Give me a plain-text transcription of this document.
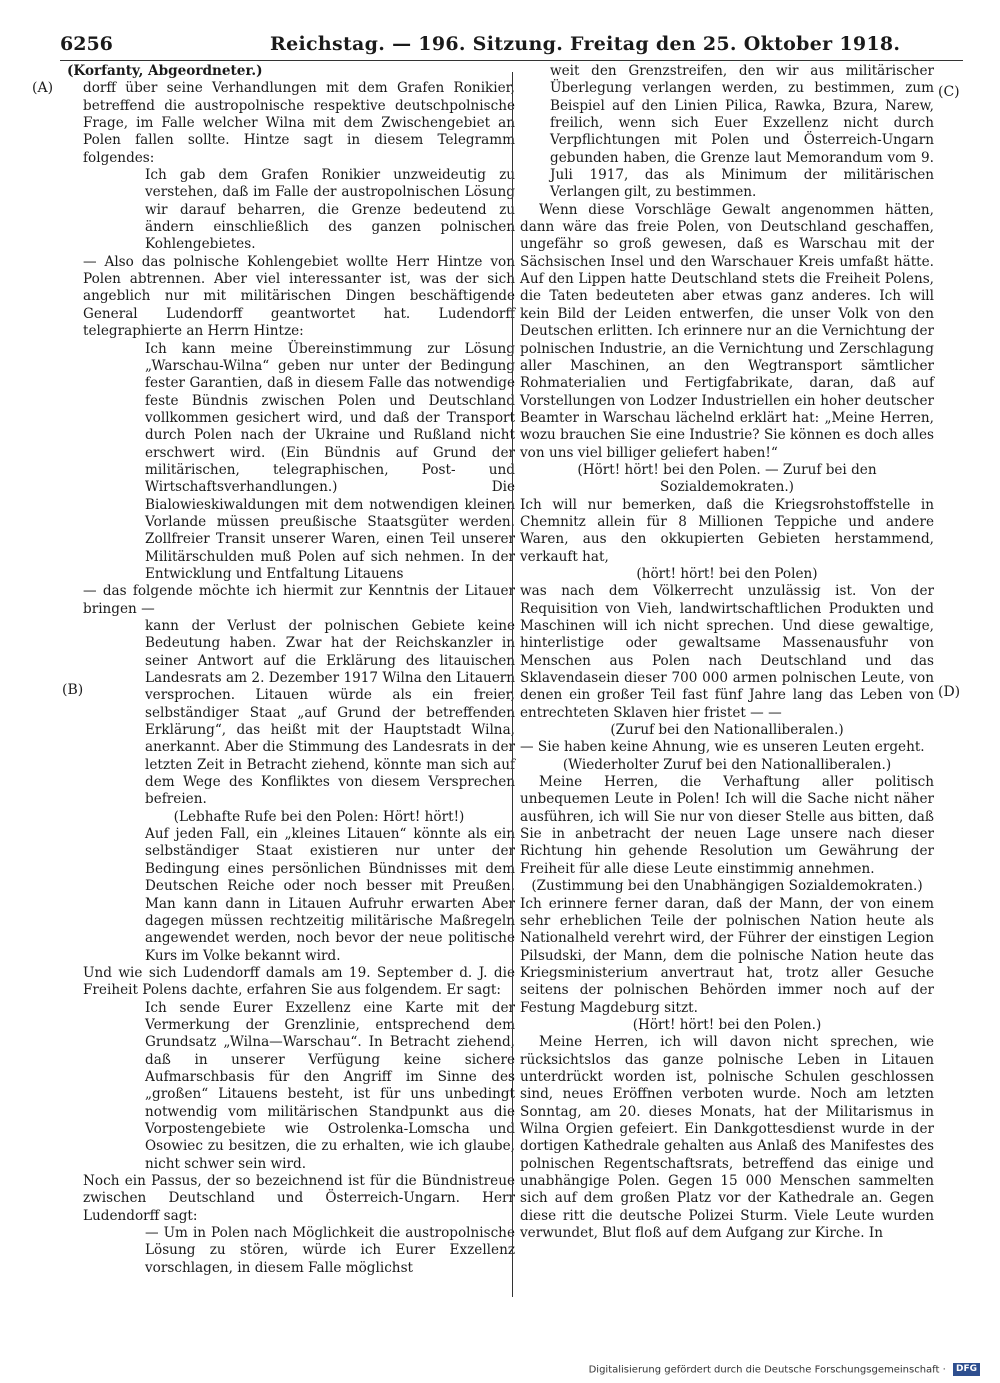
6256	Reichstag. — 196. Sitzung. Freitag den 25. Oktober 1918.
(A)
(B)
(C)
(D)

(Korfanty, Abgeordneter.)

dorff über seine Verhandlungen mit dem Grafen Ronikier, betreffend die austropolnische respektive deutschpolnische Frage, im Falle welcher Wilna mit dem Zwischengebiet an Polen fallen sollte. Hintze sagt in diesem Telegramm folgendes:

Ich gab dem Grafen Ronikier unzweideutig zu verstehen, daß im Falle der austropolnischen Lösung wir darauf beharren, die Grenze bedeutend zu ändern einschließlich des ganzen polnischen Kohlengebietes.

— Also das polnische Kohlengebiet wollte Herr Hintze von Polen abtrennen. Aber viel interessanter ist, was der sich angeblich nur mit militärischen Dingen beschäftigende General Ludendorff geantwortet hat. Ludendorff telegraphierte an Herrn Hintze:

Ich kann meine Übereinstimmung zur Lösung „Warschau-Wilna“ geben nur unter der Bedingung fester Garantien, daß in diesem Falle das notwendige feste Bündnis zwischen Polen und Deutschland vollkommen gesichert wird, und daß der Transport durch Polen nach der Ukraine und Rußland nicht erschwert wird. (Ein Bündnis auf Grund der militärischen, telegraphischen, Post- und Wirtschaftsverhandlungen.) Die Bialowieskiwaldungen mit dem notwendigen kleinen Vorlande müssen preußische Staatsgüter werden. Zollfreier Transit unserer Waren, einen Teil unserer Militärschulden muß Polen auf sich nehmen. In der Entwicklung und Entfaltung Litauens

— das folgende möchte ich hiermit zur Kenntnis der Litauer bringen —

kann der Verlust der polnischen Gebiete keine Bedeutung haben. Zwar hat der Reichskanzler in seiner Antwort auf die Erklärung des litauischen Landesrats am 2. Dezember 1917 Wilna den Litauern versprochen. Litauen würde als ein freier, selbständiger Staat „auf Grund der betreffenden Erklärung“, das heißt mit der Hauptstadt Wilna, anerkannt. Aber die Stimmung des Landesrats in der letzten Zeit in Betracht ziehend, könnte man sich auf dem Wege des Konfliktes von diesem Versprechen befreien.

(Lebhafte Rufe bei den Polen: Hört! hört!)

Auf jeden Fall, ein „kleines Litauen“ könnte als ein selbständiger Staat existieren nur unter der Bedingung eines persönlichen Bündnisses mit dem Deutschen Reiche oder noch besser mit Preußen. Man kann dann in Litauen Aufruhr erwarten Aber dagegen müssen rechtzeitig militärische Maßregeln angewendet werden, noch bevor der neue politische Kurs im Volke bekannt wird.

Und wie sich Ludendorff damals am 19. September d. J. die Freiheit Polens dachte, erfahren Sie aus folgendem. Er sagt:

Ich sende Eurer Exzellenz eine Karte mit der Vermerkung der Grenzlinie, entsprechend dem Grundsatz „Wilna—Warschau“. In Betracht ziehend, daß in unserer Verfügung keine sichere Aufmarschbasis für den Angriff im Sinne des „großen“ Litauens besteht, ist für uns unbedingt notwendig vom militärischen Standpunkt aus die Vorpostengebiete wie Ostrolenka-Lomscha und Osowiec zu besitzen, die zu erhalten, wie ich glaube, nicht schwer sein wird.

Noch ein Passus, der so bezeichnend ist für die Bündnistreue zwischen Deutschland und Österreich-Ungarn. Herr Ludendorff sagt:

— Um in Polen nach Möglichkeit die austropolnische Lösung zu stören, würde ich Eurer Exzellenz vorschlagen, in diesem Falle möglichst

weit den Grenzstreifen, den wir aus militärischer Überlegung verlangen werden, zu bestimmen, zum Beispiel auf den Linien Pilica, Rawka, Bzura, Narew, freilich, wenn sich Euer Exzellenz nicht durch Verpflichtungen mit Polen und Österreich-Ungarn gebunden haben, die Grenze laut Memorandum vom 9. Juli 1917, das als Minimum der militärischen Verlangen gilt, zu bestimmen.

Wenn diese Vorschläge Gewalt angenommen hätten, dann wäre das freie Polen, von Deutschland geschaffen, ungefähr so groß gewesen, daß es Warschau mit der Sächsischen Insel und den Warschauer Kreis umfaßt hätte. Auf den Lippen hatte Deutschland stets die Freiheit Polens, die Taten bedeuteten aber etwas ganz anderes. Ich will kein Bild der Leiden entwerfen, die unser Volk von den Deutschen erlitten. Ich erinnere nur an die Vernichtung der polnischen Industrie, an die Vernichtung und Zerschlagung aller Maschinen, an den Wegtransport sämtlicher Rohmaterialien und Fertigfabrikate, daran, daß auf Vorstellungen von Lodzer Industriellen ein hoher deutscher Beamter in Warschau lächelnd erklärt hat: „Meine Herren, wozu brauchen Sie eine Industrie? Sie können es doch alles von uns viel billiger geliefert haben!“

(Hört! hört! bei den Polen. — Zuruf bei den Sozialdemokraten.)

Ich will nur bemerken, daß die Kriegsrohstoffstelle in Chemnitz allein für 8 Millionen Teppiche und andere Waren, aus den okkupierten Gebieten herstammend, verkauft hat,

(hört! hört! bei den Polen)

was nach dem Völkerrecht unzulässig ist. Von der Requisition von Vieh, landwirtschaftlichen Produkten und Maschinen will ich nicht sprechen. Und diese gewaltige, hinterlistige oder gewaltsame Massenausfuhr von Menschen aus Polen nach Deutschland und das Sklavendasein dieser 700 000 armen polnischen Leute, von denen ein großer Teil fast fünf Jahre lang das Leben von entrechteten Sklaven hier fristet — —

(Zuruf bei den Nationalliberalen.)

— Sie haben keine Ahnung, wie es unseren Leuten ergeht.

(Wiederholter Zuruf bei den Nationalliberalen.)

Meine Herren, die Verhaftung aller politisch unbequemen Leute in Polen! Ich will die Sache nicht näher ausführen, ich will Sie nur von dieser Stelle aus bitten, daß Sie in anbetracht der neuen Lage unsere nach dieser Richtung hin gehende Resolution um Gewährung der Freiheit für alle diese Leute einstimmig annehmen.

(Zustimmung bei den Unabhängigen Sozialdemokraten.)

Ich erinnere ferner daran, daß der Mann, der von einem sehr erheblichen Teile der polnischen Nation heute als Nationalheld verehrt wird, der Führer der einstigen Legion Pilsudski, der Mann, dem die polnische Nation heute das Kriegsministerium anvertraut hat, trotz aller Gesuche seitens der polnischen Behörden immer noch auf der Festung Magdeburg sitzt.

(Hört! hört! bei den Polen.)

Meine Herren, ich will davon nicht sprechen, wie rücksichtslos das ganze polnische Leben in Litauen unterdrückt worden ist, polnische Schulen geschlossen sind, neues Eröffnen verboten wurde. Noch am letzten Sonntag, am 20. dieses Monats, hat der Militarismus in Wilna Orgien gefeiert. Ein Dankgottesdienst wurde in der dortigen Kathedrale gehalten aus Anlaß des Manifestes des polnischen Regentschaftsrats, betreffend das einige und unabhängige Polen. Gegen 15 000 Menschen sammelten sich auf dem großen Platz vor der Kathedrale an. Gegen diese ritt die deutsche Polizei Sturm. Viele Leute wurden verwundet, Blut floß auf dem Aufgang zur Kirche. In

Digitalisierung gefördert durch die Deutsche Forschungsgemeinschaft · DFG
